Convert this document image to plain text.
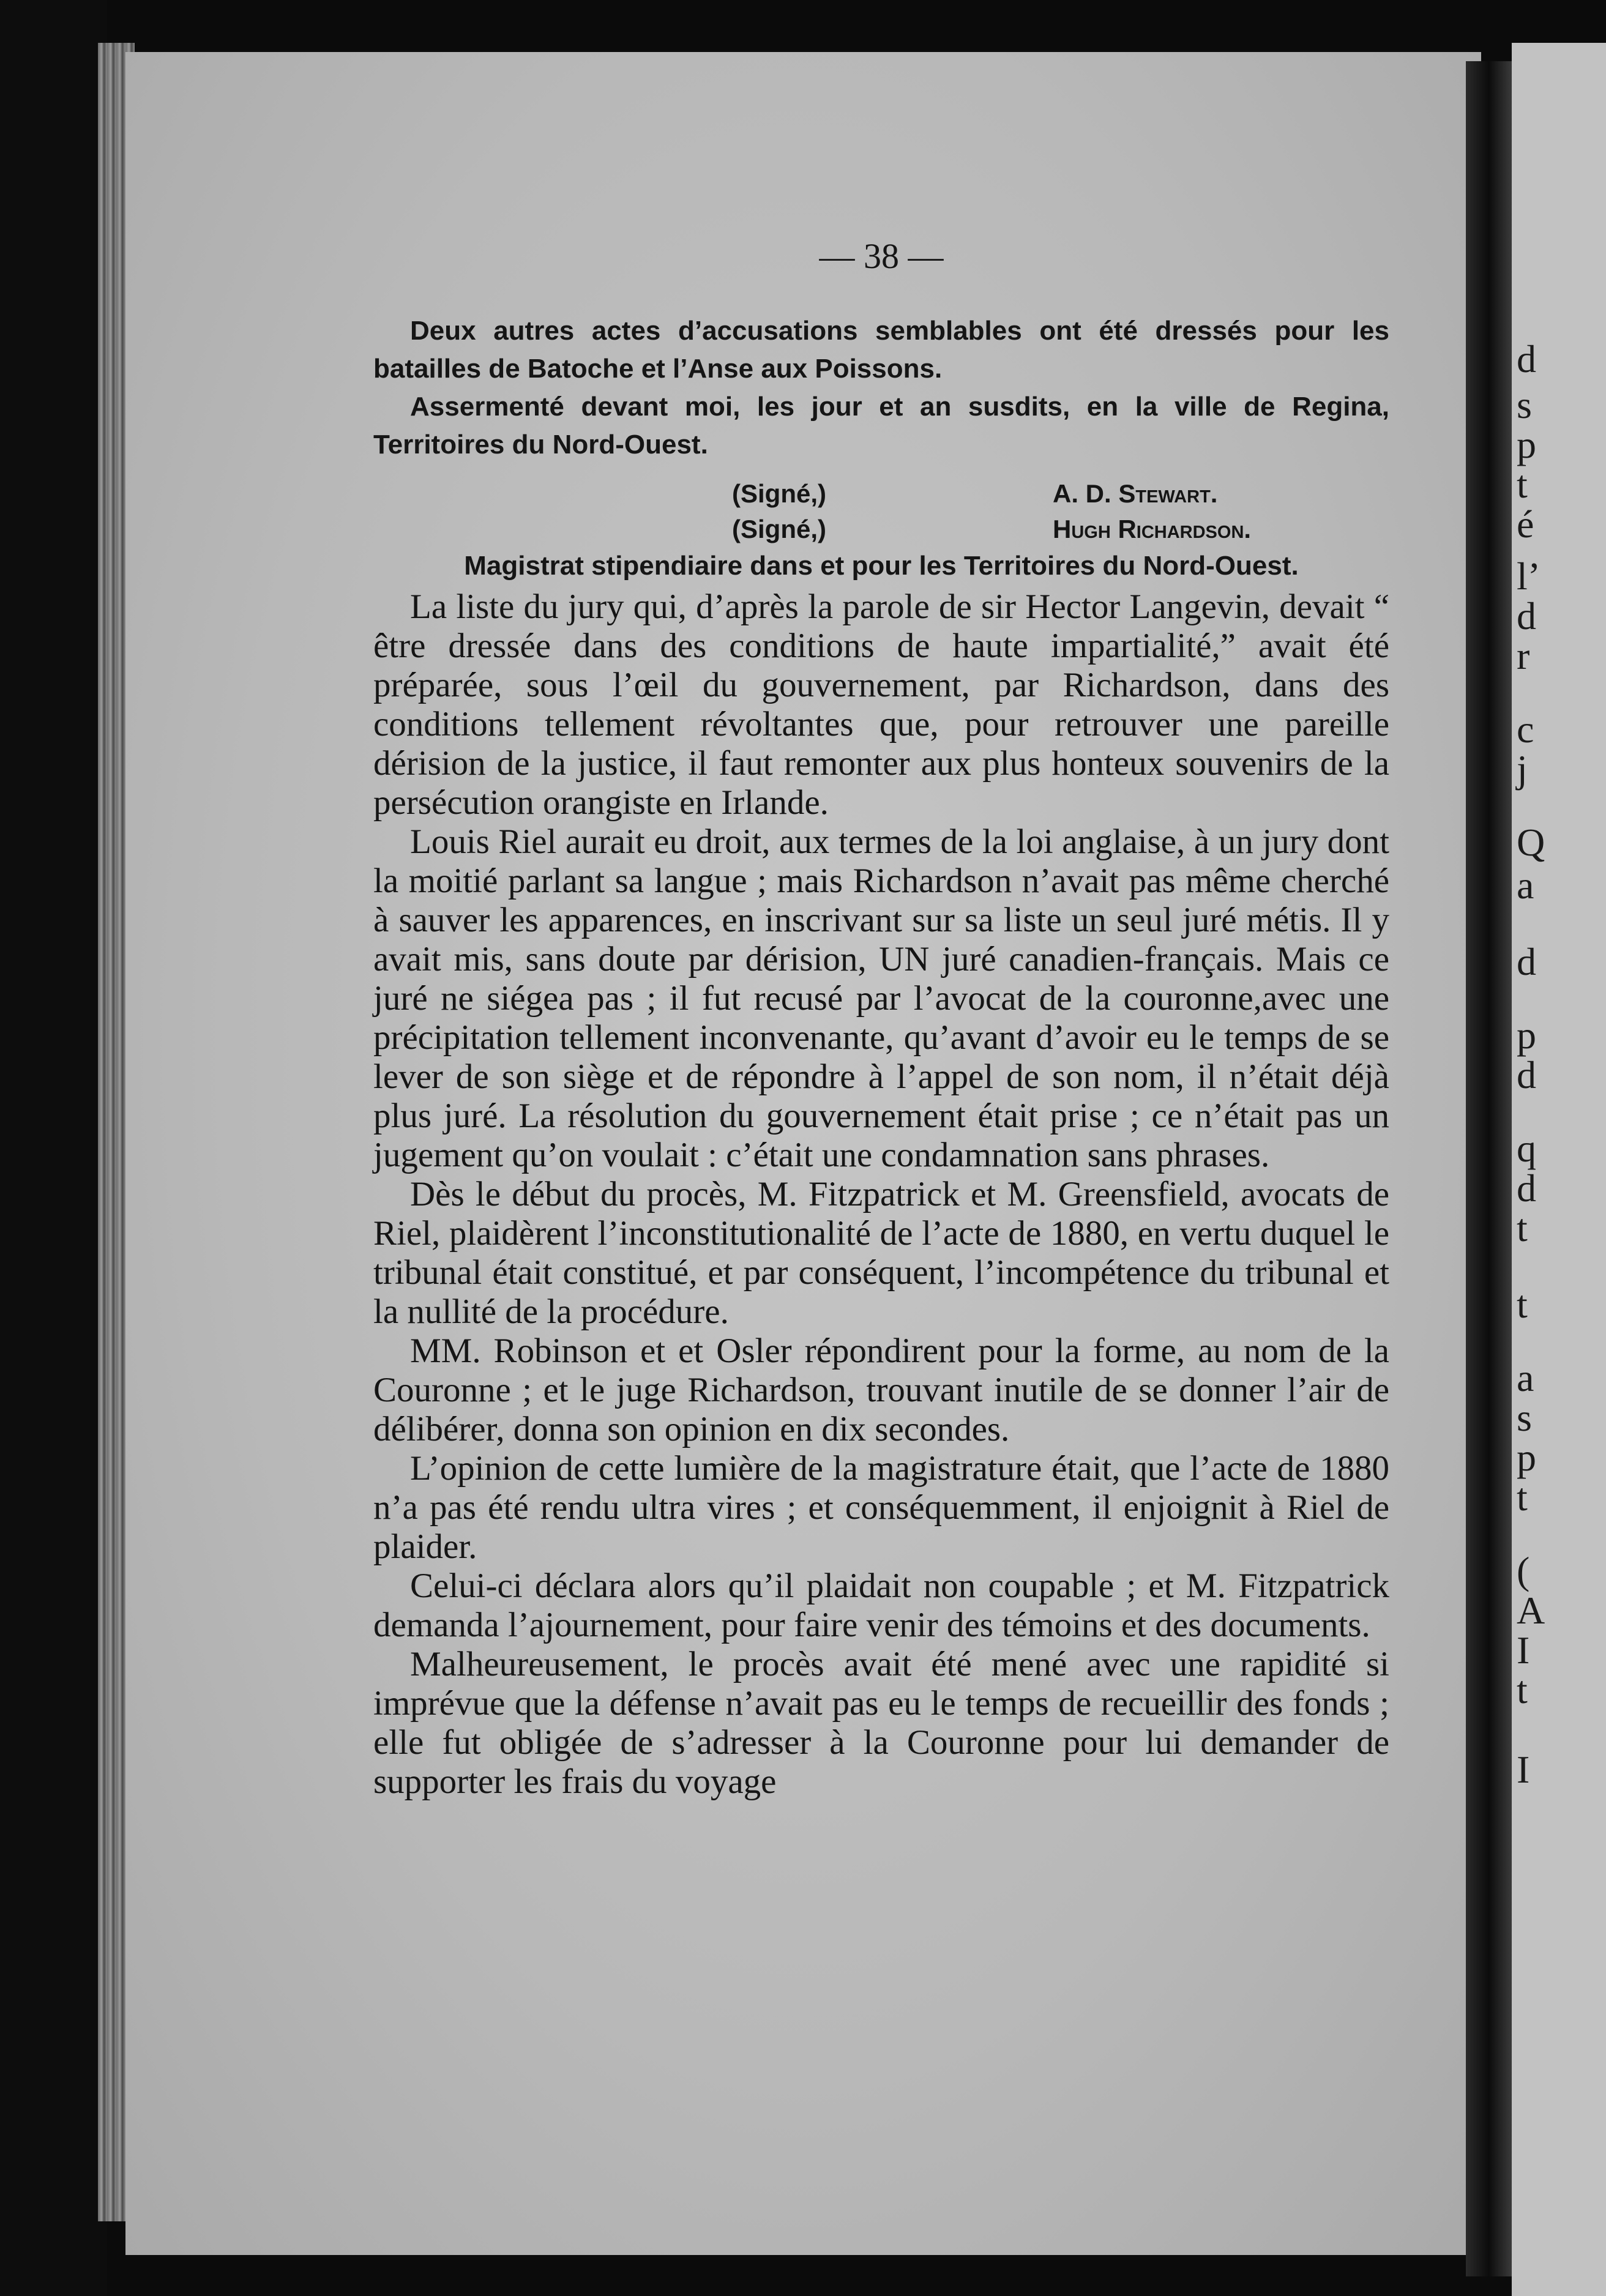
d
s
p
t
é
l’
d
r
c
j
Q
a
d
p
d
q
d
t
t
a
s
p
t
(
A
I
t
I
— 38 —

Deux autres actes d’accusations semblables ont été dressés pour les batailles de Batoche et l’Anse aux Poissons.

Assermenté devant moi, les jour et an susdits, en la ville de Regina, Territoires du Nord-Ouest.

(Signé,)	A. D. Stewart.
(Signé,)	Hugh Richardson.

Magistrat stipendiaire dans et pour les Territoires du Nord-Ouest.

La liste du jury qui, d’après la parole de sir Hector Langevin, devait “ être dressée dans des conditions de haute impartialité,” avait été préparée, sous l’œil du gouvernement, par Richardson, dans des conditions tellement révoltantes que, pour retrouver une pareille dérision de la justice, il faut remonter aux plus honteux souvenirs de la persécution orangiste en Irlande.

Louis Riel aurait eu droit, aux termes de la loi anglaise, à un jury dont la moitié parlant sa langue ; mais Richardson n’avait pas même cherché à sauver les apparences, en inscrivant sur sa liste un seul juré métis. Il y avait mis, sans doute par dérision, UN juré canadien-français. Mais ce juré ne siégea pas ; il fut recusé par l’avocat de la couronne,avec une précipitation tellement inconvenante, qu’avant d’avoir eu le temps de se lever de son siège et de répondre à l’appel de son nom, il n’était déjà plus juré. La résolution du gouvernement était prise ; ce n’était pas un jugement qu’on voulait : c’était une condamnation sans phrases.

Dès le début du procès, M. Fitzpatrick et M. Greensfield, avocats de Riel, plaidèrent l’inconstitutionalité de l’acte de 1880, en vertu duquel le tribunal était constitué, et par conséquent, l’incompétence du tribunal et la nullité de la procédure.

MM. Robinson et et Osler répondirent pour la forme, au nom de la Couronne ; et le juge Richardson, trouvant inutile de se donner l’air de délibérer, donna son opinion en dix secondes.

L’opinion de cette lumière de la magistrature était, que l’acte de 1880 n’a pas été rendu ultra vires ; et conséquemment, il enjoignit à Riel de plaider.

Celui-ci déclara alors qu’il plaidait non coupable ; et M. Fitzpatrick demanda l’ajournement, pour faire venir des témoins et des documents.

Malheureusement, le procès avait été mené avec une rapidité si imprévue que la défense n’avait pas eu le temps de recueillir des fonds ; elle fut obligée de s’adresser à la Couronne pour lui demander de supporter les frais du voyage
